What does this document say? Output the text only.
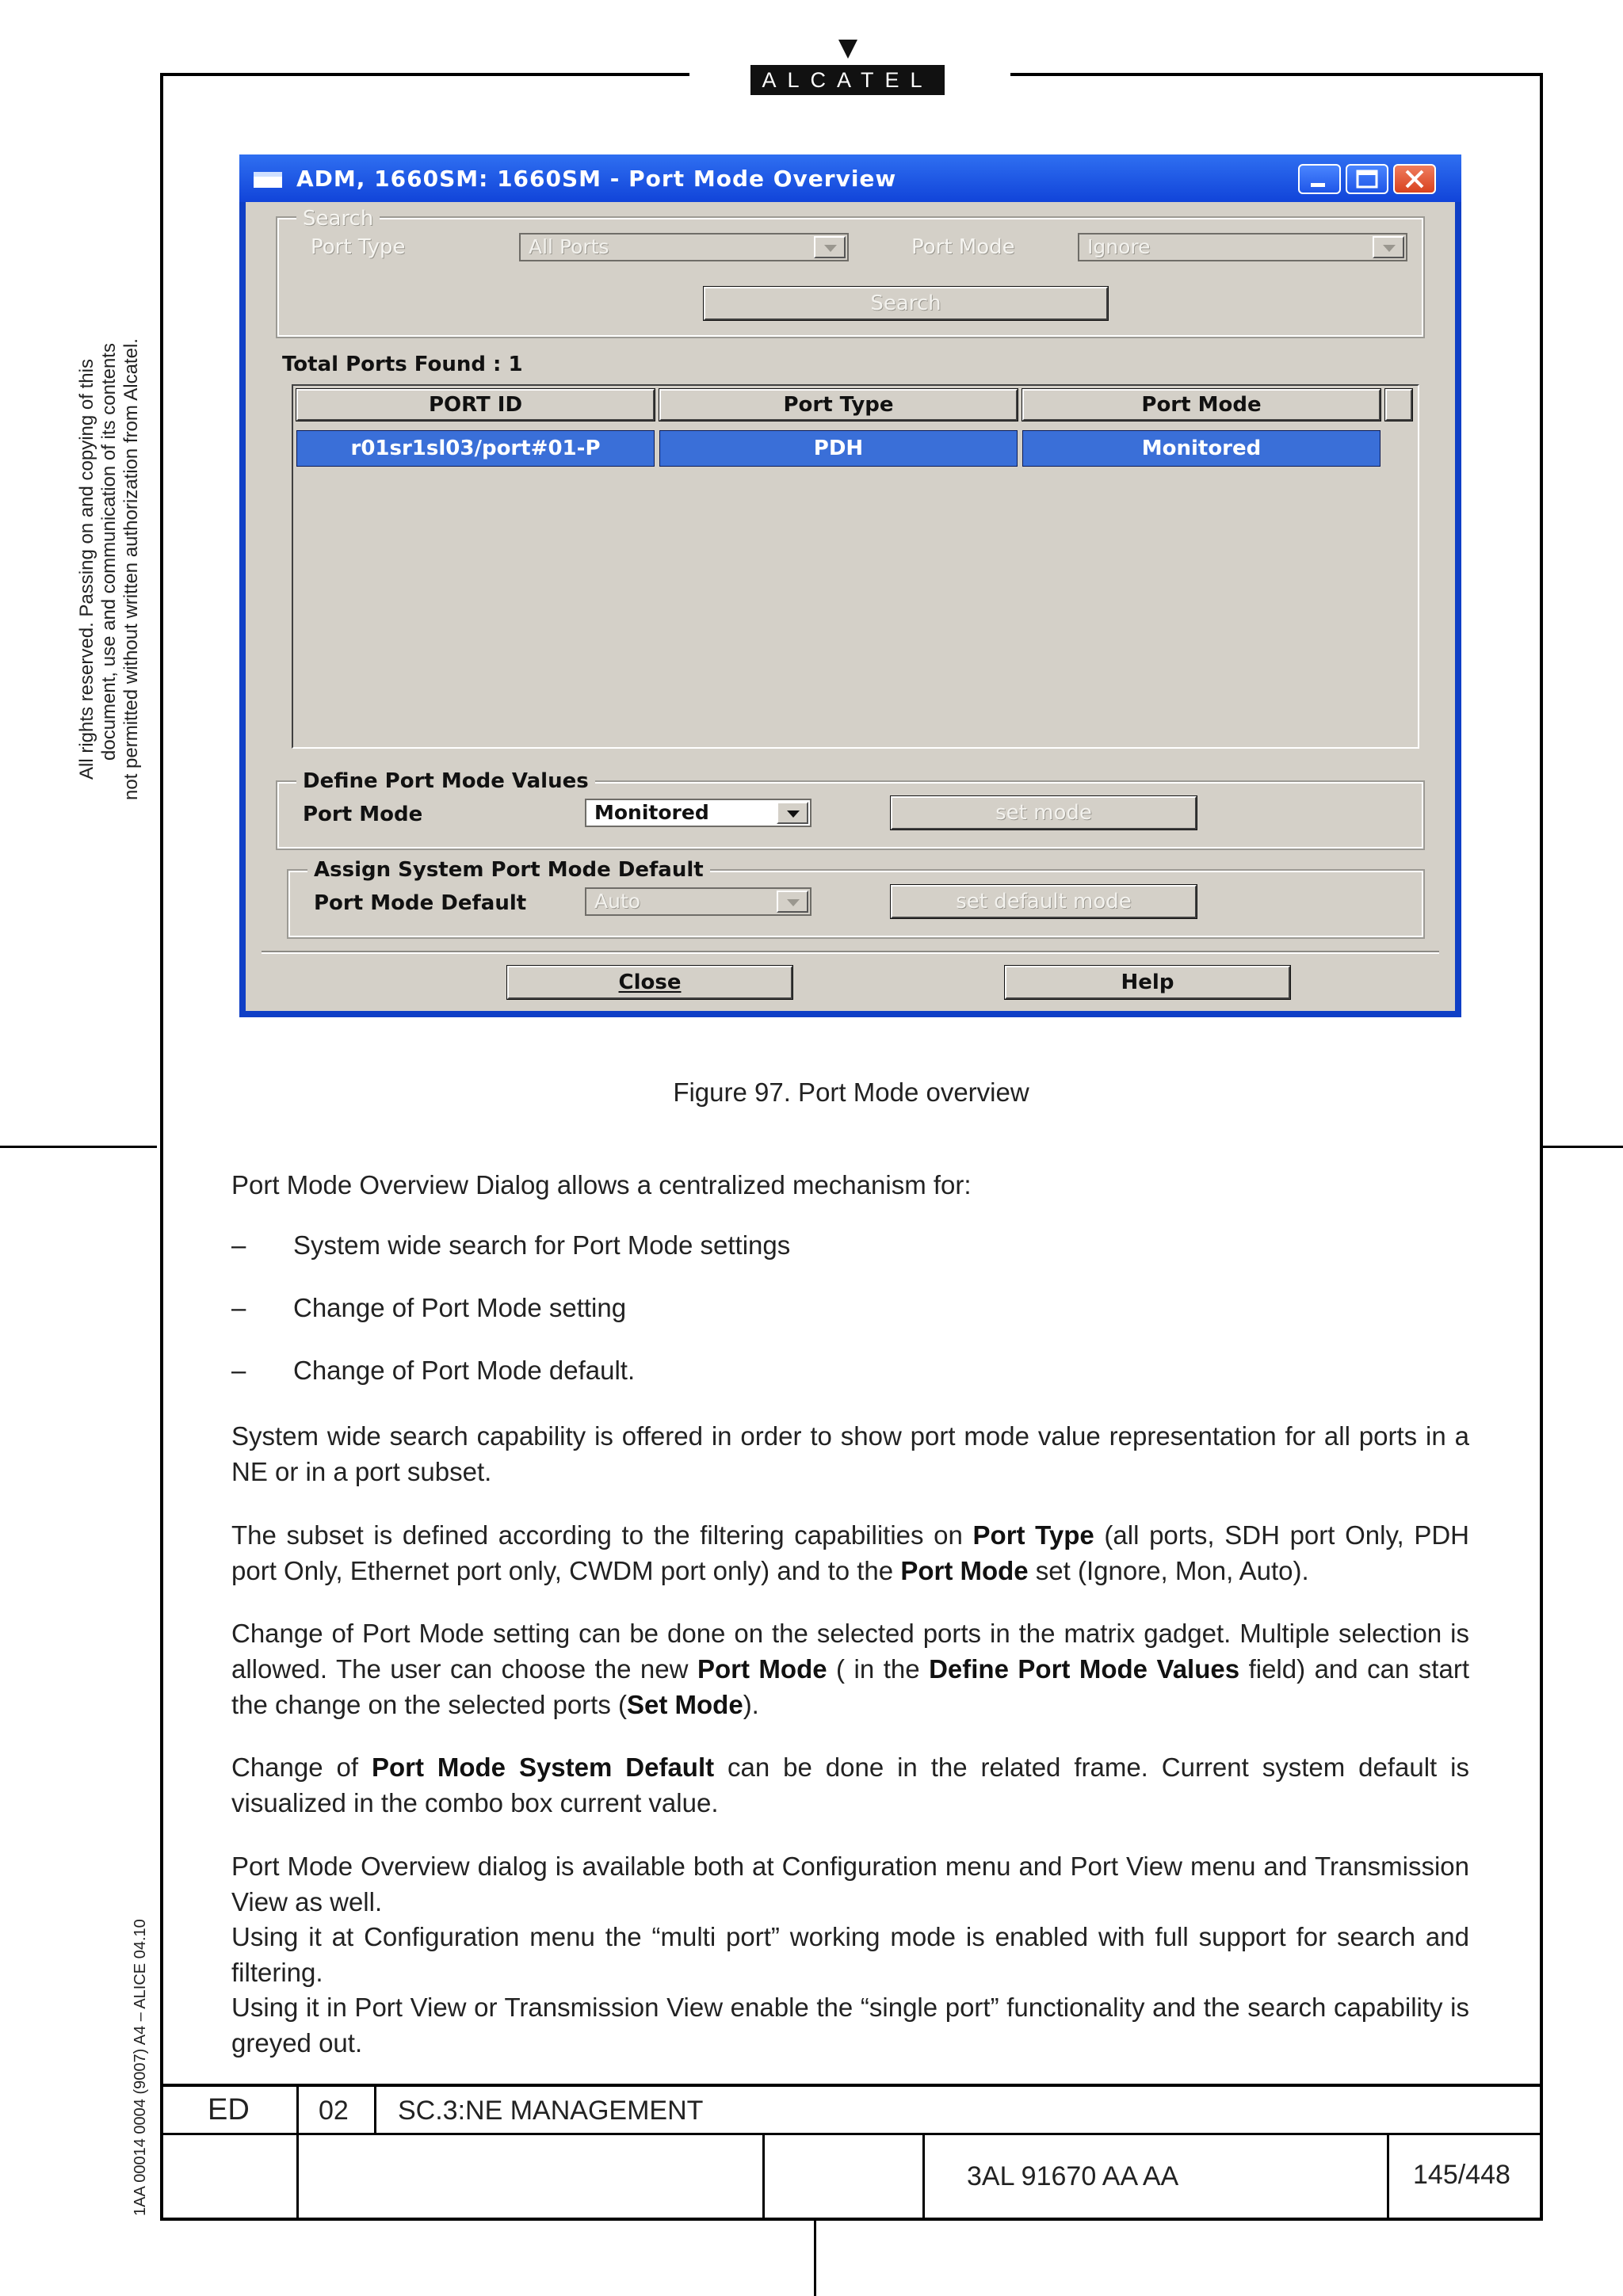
ALCATEL
All rights reserved. Passing on and copying of this document, use and communication of its contents not permitted without written authorization from Alcatel.
1AA 00014 0004 (9007) A4 – ALICE 04.10
ADM, 1660SM: 1660SM - Port Mode Overview
Search
Port Type	All Ports	Port Mode	Ignore
Search
Total Ports Found : 1
PORT ID	Port Type	Port Mode
r01sr1sl03/port#01-P	PDH	Monitored
Define Port Mode Values
Port Mode	Monitored	set mode
Assign System Port Mode Default
Port Mode Default	Auto	set default mode
Close	Help
Figure 97. Port Mode overview
Port Mode Overview Dialog allows a centralized mechanism for:
– System wide search for Port Mode settings
– Change of Port Mode setting
– Change of Port Mode default.
System wide search capability is offered in order to show port mode value representation for all ports in a NE or in a port subset.
The subset is defined according to the filtering capabilities on Port Type (all ports, SDH port Only, PDH port Only, Ethernet port only, CWDM port only) and to the Port Mode set (Ignore, Mon, Auto).
Change of Port Mode setting can be done on the selected ports in the matrix gadget. Multiple selection is allowed. The user can choose the new Port Mode ( in the Define Port Mode Values field) and can start the change on the selected ports (Set Mode).
Change of Port Mode System Default can be done in the related frame. Current system default is visualized in the combo box current value.
Port Mode Overview dialog is available both at Configuration menu and Port View menu and Transmission View as well.
Using it at Configuration menu the “multi port” working mode is enabled with full support for search and filtering.
Using it in Port View or Transmission View enable the “single port” functionality and the search capability is greyed out.
ED	02 SC.3:NE MANAGEMENT
3AL 91670 AA AA	145/448
